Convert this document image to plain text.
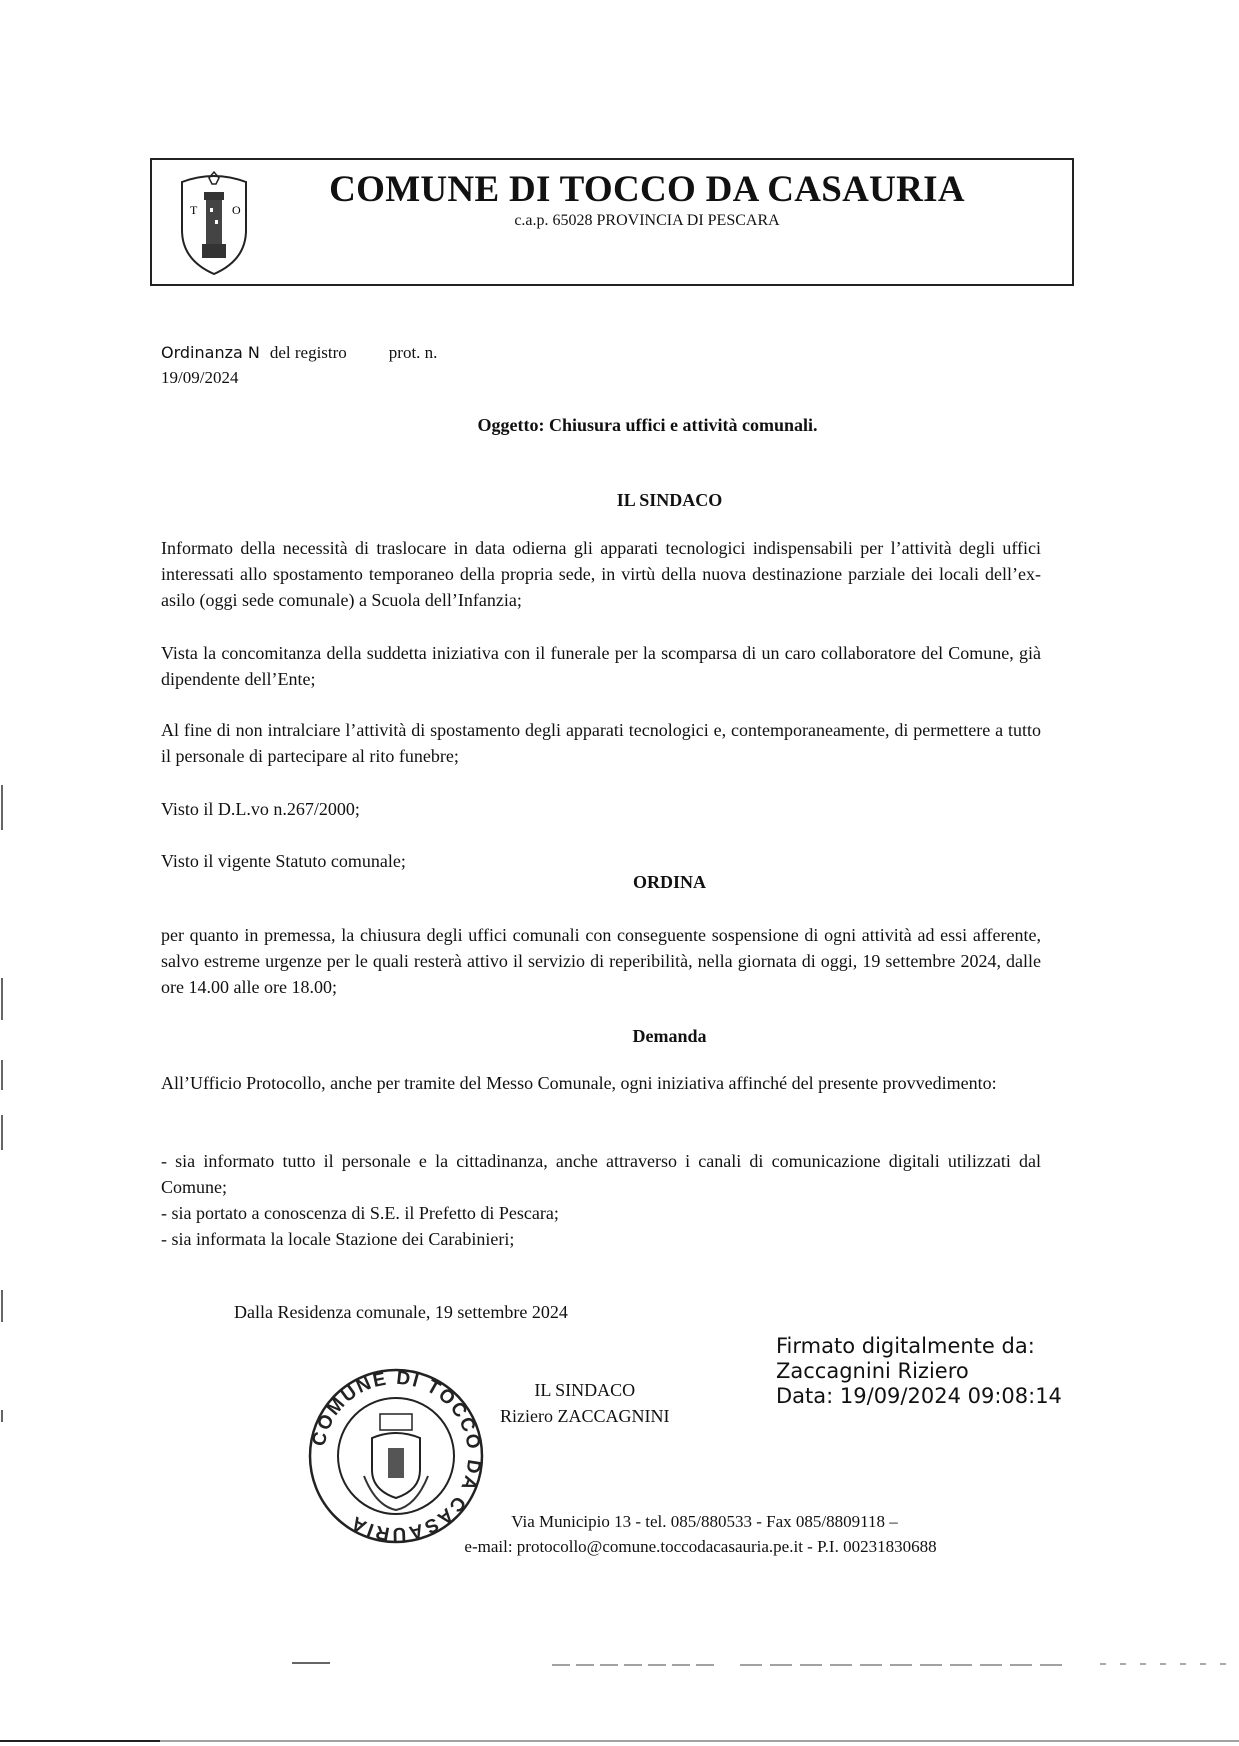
T	O	COMUNE DI TOCCO DA CASAURIA
c.a.p. 65028 PROVINCIA DI PESCARA
Ordinanza N del registro prot. n.
19/09/2024
Oggetto: Chiusura uffici e attività comunali.
IL SINDACO
Informato della necessità di traslocare in data odierna gli apparati tecnologici indispensabili per l’attività degli uffici interessati allo spostamento temporaneo della propria sede, in virtù della nuova destinazione parziale dei locali dell’ex-asilo (oggi sede comunale) a Scuola dell’Infanzia;
Vista la concomitanza della suddetta iniziativa con il funerale per la scomparsa di un caro collaboratore del Comune, già dipendente dell’Ente;
Al fine di non intralciare l’attività di spostamento degli apparati tecnologici e, contemporaneamente, di permettere a tutto il personale di partecipare al rito funebre;
Visto il D.L.vo n.267/2000;
Visto il vigente Statuto comunale;
ORDINA
per quanto in premessa, la chiusura degli uffici comunali con conseguente sospensione di ogni attività ad essi afferente, salvo estreme urgenze per le quali resterà attivo il servizio di reperibilità, nella giornata di oggi, 19 settembre 2024, dalle ore 14.00 alle ore 18.00;
Demanda
All’Ufficio Protocollo, anche per tramite del Messo Comunale, ogni iniziativa affinché del presente provvedimento:
- sia informato tutto il personale e la cittadinanza, anche attraverso i canali di comunicazione digitali utilizzati dal Comune;
- sia portato a conoscenza di S.E. il Prefetto di Pescara;
- sia informata la locale Stazione dei Carabinieri;
Dalla Residenza comunale, 19 settembre 2024
COMUNE DI TOCCO DA CASAURIA
IL SINDACO
Riziero ZACCAGNINI
Firmato digitalmente da:
Zaccagnini Riziero
Data: 19/09/2024 09:08:14
Via Municipio 13 - tel. 085/880533 - Fax 085/8809118 –
e-mail: protocollo@comune.toccodacasauria.pe.it - P.I. 00231830688
